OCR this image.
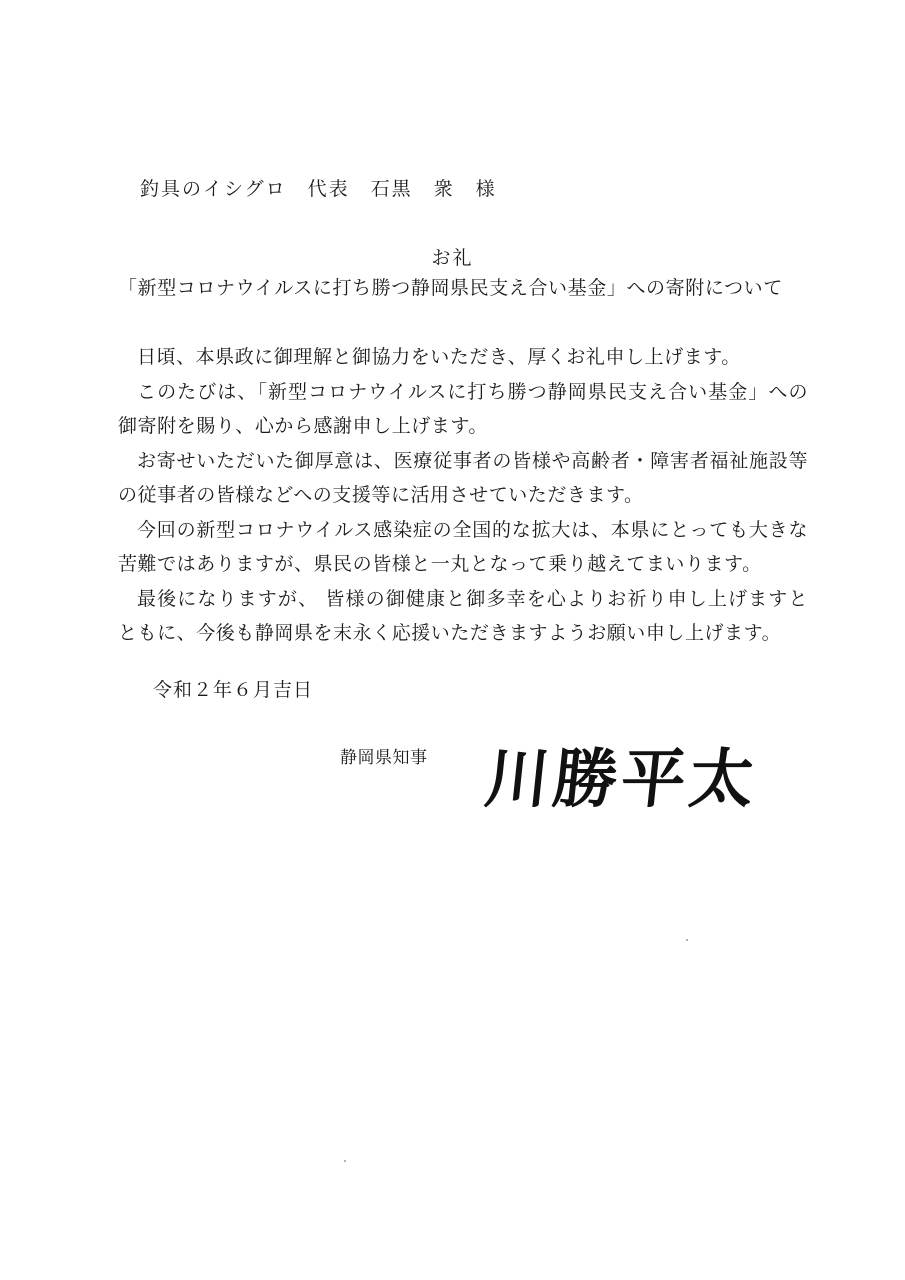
釣具のイシグロ　代表　石黒　衆　様
お礼
「新型コロナウイルスに打ち勝つ静岡県民支え合い基金」への寄附について

日頃、本県政に御理解と御協力をいただき、厚くお礼申し上げます。

このたびは、「新型コロナウイルスに打ち勝つ静岡県民支え合い基金」への御寄附を賜り、心から感謝申し上げます。

お寄せいただいた御厚意は、医療従事者の皆様や高齢者・障害者福祉施設等の従事者の皆様などへの支援等に活用させていただきます。

今回の新型コロナウイルス感染症の全国的な拡大は、本県にとっても大きな苦難ではありますが、県民の皆様と一丸となって乗り越えてまいります。

最後になりますが、 皆様の御健康と御多幸を心よりお祈り申し上げますとともに、今後も静岡県を末永く応援いただきますようお願い申し上げます。

令和２年６月吉日
静岡県知事 川勝平太
